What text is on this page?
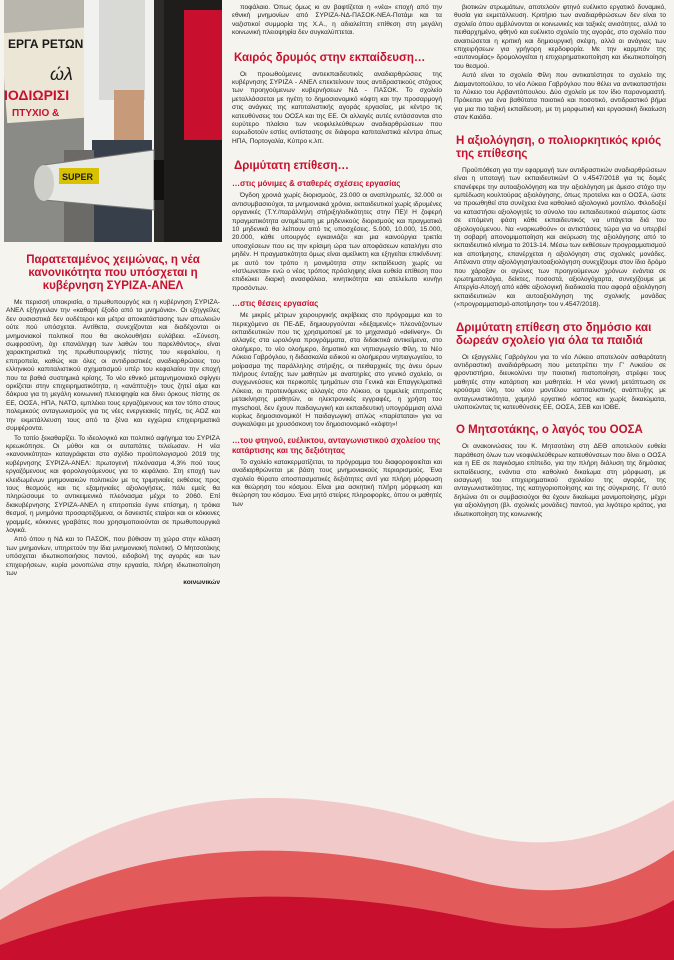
ΕΡΓΑ ΡΕΤΩΝ
ώλ
ΙΟΔΙΩΡΙΣΙ
ΠΤΥΧΙΟ &
SUPER
Παρατεταμένος χειμώνας, η νέα κανονικότητα που υπόσχεται η κυβέρνηση ΣΥΡΙΖΑ-ΑΝΕΛ

Με περισσή υποκρισία, ο πρωθυπουργός και η κυβέρνηση ΣΥΡΙΖΑ-ΑΝΕΛ εξήγγειλαν την «καθαρή έξοδο από τα μνημόνια». Οι εξηγγείλες δεν ουσιαστικά δεν ουδέτεροι και μέτρα αποκατάστασης των απωλειών ούτε πού υπόσχεται. Αντίθετα, συνεχίζονται και διαδέχονται οι μνημονιακοί πολιτικοί που θα ακολουθήσει ευλάβεια. «Σύνεση, σωφροσύνη, όχι επανάληψη των λαθών του παρελθόντος», είναι χαρακτηριστικά της πρωθυπουργικής πίστης του κεφαλαίου, η επιτροπεία, καθώς και όλες οι αντιδραστικές αναδιαρθρώσεις του ελληνικού καπιταλιστικού σχηματισμού υπέρ του κεφαλαίου την εποχή που τα βαθιά συστημικά κρίσης. Το νέο εθνικό μεταμνημονιακό σφίγγει ορκίζεται στην επιχειρηματικότητα, η «ανάπτυξη» τους ζητεί αίμα και δάκρυα για τη μεγάλη κοινωνική πλειοψηφία και δίνει όρκους πίστης σε ΕΕ, ΟΟΣΑ, ΗΠΑ, ΝΑΤΟ, εμπλέκει τους εργαζόμενους και τον τόπο στους πολεμικούς ανταγωνισμούς για τις νέες ενεργειακές πηγές, τις ΑΟΖ και την εκμετάλλευση τους από τα ξένα και εγχώρια επιχειρηματικά συμφέροντα.

Το τοπίο ξεκαθαρίζει. Το ιδεολογικό και πολιτικό αφήγημα του ΣΥΡΙΖΑ κρεωκόπησε. Οι μύθοι και οι αυταπάτες τελείωσαν. Η νέα «κανονικότητα» καταγράφεται στο σχέδιο προϋπολογισμού 2019 της κυβέρνησης ΣΥΡΙΖΑ-ΑΝΕΛ: πρωτογενή πλεόνασμα 4,3% πού τους εργαζόμενους και φορολογούμενους για το κεφάλαιο. Στη εποχή των κλειδωμένων μνημονιακών πολιτικών με τις τριμηνιαίες εκθέσεις προς τους θεσμούς και τις εξαμηνιαίες αξιολογήσεις, πάλι εμείς θα πληρώσουμε το αντικειμενικό πλεόνασμα μέχρι το 2060. Επί διακυβέρνησης ΣΥΡΙΖΑ-ΑΝΕΛ η επιτροπεία έγινε επίσημη, η τρόικα θεσμοί, η μνημόνια προσαρτιζόμενα, οι δανειστές εταίροι και οι κόκκινες γραμμές, κόκκινες γραβάτες που χρησιμοποιούνται σε πρωθυπουργικά λογικά.

Από όπου η ΝΔ και το ΠΑΣΟΚ, που βύθισαν τη χώρα στην κόλαση των μνημονίων, υπηρετούν την ίδια μνημονιακή πολιτική. Ο Μητσοτάκης υπόσχεται ιδιωτικοποιήσεις παντού, ειδοβολή της αγοράς και των επιχειρήσεων, κυρία μονοπώλια στην εργασία, πλήρη ιδιωτικοποίηση των

κοινωνικών

ποφάλαιο. Όπως όμως κι αν βαφτίζεται η «νέα» εποχή από την εθνική μνημονίων από ΣΥΡΙΖΑ-ΝΔ-ΠΑΣΟΚ-ΝΕΑ-Ποτάμι και τα ναζιστικοί συμμορία της Χ.Α., η αδιαλείπτη επίθεση στη μεγάλη κοινωνική πλειοψηφία δεν συγκαλύπτεται.

Καιρός δρυμός στην εκπαίδευση…

Οι προωθούμενες αντιεκπαιδευτικές αναδιαρθρώσεις της κυβέρνησης ΣΥΡΙΖΑ - ΑΝΕΛ επεκτείνουν τους αντιδραστικούς στόχους των προηγούμενων κυβερνήσεων ΝΔ - ΠΑΣΟΚ. Το σχολείο μεταλλάσσεται με ηγέτη το δημοσιονομικό κόφτη και την προσαρμογή στις ανάγκες της καπιταλιστικής αγοράς εργασίας, με κέντρο τις κατευθύνσεις του ΟΟΣΑ και της ΕΕ. Οι αλλαγές αυτές εντάσσονται στο ευρύτερο πλαίσιο των νεοφιλελεύθερων αναδιαρθρώσεων που ευρωδοτούν εστίες αντίστασης σε διάφορα καπιταλιστικά κέντρα όπως ΗΠΑ, Πορτογαλία, Κύπρο κ.λπ.

Δριμύτατη επίθεση…
…στις μόνιμες & σταθερές σχέσεις εργασίας

Όγδοη χρονιά χωρίς διορισμούς, 23.000 οι αναπληρωτές, 32.000 οι αντισυμβασιούχοι, τα μνημονιακά χρόνια, εκπαιδευτικοί χωρίς ιδρυμένες οργανικές (Τ.Υ./παράλληλη στήριξη/ειδικότητες στην ΠΕ)! Η ζοφερή πραγματικότητα αντιμέτωπη με μηδενικούς διορισμούς και πραγματικά 10 μηδενικά θα λείπουν από τις υποσχέσεις. 5.000, 10.000, 15.000, 20.000, κάθε υπουργός εγκαινιάζει και μια καινούργια τριετία υποσχέσεων που εις την κρίσιμη ώρα των αποφάσεων καταλήγει στο μηδέν. Η πραγματικότητα όμως είναι αμείλικτη και εξηγείται επικίνδυνη: με αυτό τον τρόπο η μονιμότητα στην εκπαίδευση χωρίς να «Ιστλωνεται» ενώ ο νέος τρόπος πρόσληψης είναι ευθεία επίθεση που επιδιώκει διαρκή ανασφάλεια, κινητικότητα και ατελείωτο κυνήγι προσόντων.

…στις θέσεις εργασίας

Με μικρές μέτρων χειρουργικής ακρίβειας στο πρόγραμμα και το περιεχόμενο σε ΠΕ-ΔΕ, δημιουργούνται «δεξαμενές» πλεονάζοντων εκπαιδευτικών που τις χρησιμοποιεί με το μηχανισμό «delivery». Οι αλλαγές στα ωρολόγια προγράμματα, στα διδακτικά αντικείμενα, στο ολοήμερο, το νέο ολοήμερο, δημοτικό και νηπιαγωγείο Φίλη, το Νέο Λύκειο Γαβρόγλου, η διδασκαλία ειδικού κι ολοήμερου νηπιαγωγείου, το μοίρασμα της παράλληλης στήριξης, οι πειθαρχικές της άνευ όρων πλήρους ένταξης των μαθητών με αναπηρίες στο γενικό σχολείο, οι συγχωνεύσεις και περικοπές τμημάτων στα Γενικά και Επαγγελματικά Λύκεια, οι προτεινόμενες αλλαγές στο Λύκειο, οι τριμελείς επιτροπές μετακίνησης μαθητών, οι ηλεκτρονικές εγγραφές, η χρήση του myschool, δεν έχουν παιδαγωγική και εκπαιδευτική υπογράμμιση αλλά κυρίως δημοσιονομικό! Η παιδαγωγική απλώς «παρίσταται» για να συγκαλύψει με χρυσόσκονη τον δημοσιονομικό «κόφτη»!

…του φτηνού, ευέλικτου, ανταγωνιστικού σχολείου της κατάρτισης και της δεξιότητας

Το σχολείο κατακερματίζεται, το πρόγραμμα του διαφοροφοιείται και αναδιαρθρώνεται με βάση τους μνημονιακούς περιορισμούς. Ένα σχολείο θύρατο αποσπασματικές δεξιότητες αντί για πλήρη μόρφωση και θεώρηση του κόσμου. Είναι μια ασκητική πλήρη μόρφωση και θεώρηση του κόσμου. Ένα μητό στείρες πληροφορίες, όπου οι μαθητές των

βιοτικών στρωμάτων, αποτελούν φτηνό ευέλικτο εργατικό δυναμικό, θυσία για εκμετάλλευση. Κριτήριο των αναδιαρθρώσεων δεν είναι το σχολείο όπου αμβλύνονται οι κοινωνικές και ταξικές ανισότητες, αλλά το πειθαρχημένο, φθηνό και ευέλικτο σχολείο της αγοράς, στο σχολείο που αναιτιώσεται η κριτική και δημιουργική σκέψη, αλλά οι ανάγκες των επιχειρήσεων για γρήγορη κερδοφορία. Με την καρμπόν της «αυτονομίας» δρομολογείται η επιχειρηματικοποίηση και ιδιωτικοποίηση του θεσμού.

Αυτό είναι το σχολείο Φίλη που αντικατέστησε το σχολείο της Διαμαντοπούλου, το νέο Λύκειο Γαβρόγλου που θέλει να αντικαταστήσει το Λύκειο του Αρβανιτόπουλου. Δύο σχολείο με τον ίδιο παρονομαστή. Πρόκειται για ένα βαθύτατα ποιοτικό και ποσοτικό, αντιδραστικό βήμα για μια πιο ταξική εκπαίδευση, με τη μορφωτική και εργασιακή δικαίωση στον Καιάδα.

Η αξιολόγηση, ο πολιορκητικός κριός της επίθεσης

Προϋπόθεση για την εφαρμογή των αντιδραστικών αναδιαρθρώσεων είναι η υποταγή των εκπαιδευτικών! Ο ν.4547/2018 για τις δομές επανέφερε την αυτοαξιολόγηση και την αξιολόγηση με άμεσο στόχο την εμπέδωση κουλτούρας αξιολόγησης, όπως προτείνει και ο ΟΟΣΑ, ώστε να προωθηθεί στα συνέχεια ένα καθολικό αξιολογικό μοντέλο. Φιλοδοξεί να καταστήσει αξιολογητές το σύνολο του εκπαιδευτικού σώματος ώστε σε επόμενη φάση κάθε εκπαιδευτικός να υπάγεται διά του αξιολογούμενου. Να «ναρκωθούν» οι αντιστάσεις τώρα για να υπερβεί τη σοβαρή απονομιμοποίηση και ακύρωση της αξιολόγησης από το εκπαιδευτικό κίνημα το 2013-14. Μέσω των εκθέσεων προγραμματισμού και αποτίμησης, επανέρχεται η αξιολόγηση στις σχολικές μονάδες. Απέναντι στην αξιολόγηση/αυτοαξιολόγηση συνεχίζουμε στον ίδιο δρόμο που χάραξαν οι αγώνες των προηγούμενων χρόνων ενάντια σε ερωτηματολόγια, δείκτες, ποσοστά, αξιολογόχαρτα, συνεχίζουμε με Απεργία-Αποχή από κάθε αξιολογική διαδικασία που αφορά αξιολόγηση εκπαιδευτικών και αυτοαξιολόγηση της σχολικής μονάδας («προγραμματισμό-αποτίμηση» του ν.4547/2018).

Δριμύτατη επίθεση στο δημόσιο και δωρεάν σχολείο για όλα τα παιδιά

Οι εξαγγελίες Γαβρόγλου για το νέο Λύκειο αποτελούν ασθαρότατη αντιδραστική αναδιάρθρωση που μετατρέπει την Γ' Λυκείου σε φροντιστήριο, διευκολύνει την ποιοτική πιστοποίηση, στρέφει τους μαθητές στην κατάρτιση και μαθητεία. Η νέα γενική μετάπτωση σε κρούσμα ύλη, του νέου μοντέλου καπιταλιστικής ανάπτυξης με ανταγωνιστικότητα, χαμηλό εργατικό κόστος και χωρίς δικαιώματα, υλοποιώντας τις κατευθύνσεις ΕΕ, ΟΟΣΑ, ΣΕΒ και ΙΟΒΕ.

Ο Μητσοτάκης, ο λαγός του ΟΟΣΑ

Οι ανακοινώσεις του Κ. Μητσοτάκη στη ΔΕΘ αποτελούν ευθεία παράθεση όλων των νεοφιλελεύθερων κατευθύνσεων που δίνει ο ΟΟΣΑ και η ΕΕ σε παγκόσμιο επίπεδο, για την πλήρη διάλυση της δημόσιας εκπαίδευσης, ενάντια στο καθολικό δικαίωμα στη μόρφωση, με εισαγωγή του επιχειρηματικού σχολείου της αγοράς, της ανταγωνιστικότητας, της κατηγοριοποίησης και της σύγκρισης. Γι' αυτό δηλώνει ότι οι συμβασιούχοι θα έχουν δικαίωμα μονιμοποίησης, μέχρι για αξιολόγηση (βλ. σχολικές μονάδες) παντού, για λιγότερο κράτος, για ιδιωτικοποίηση της κοινωνικής
